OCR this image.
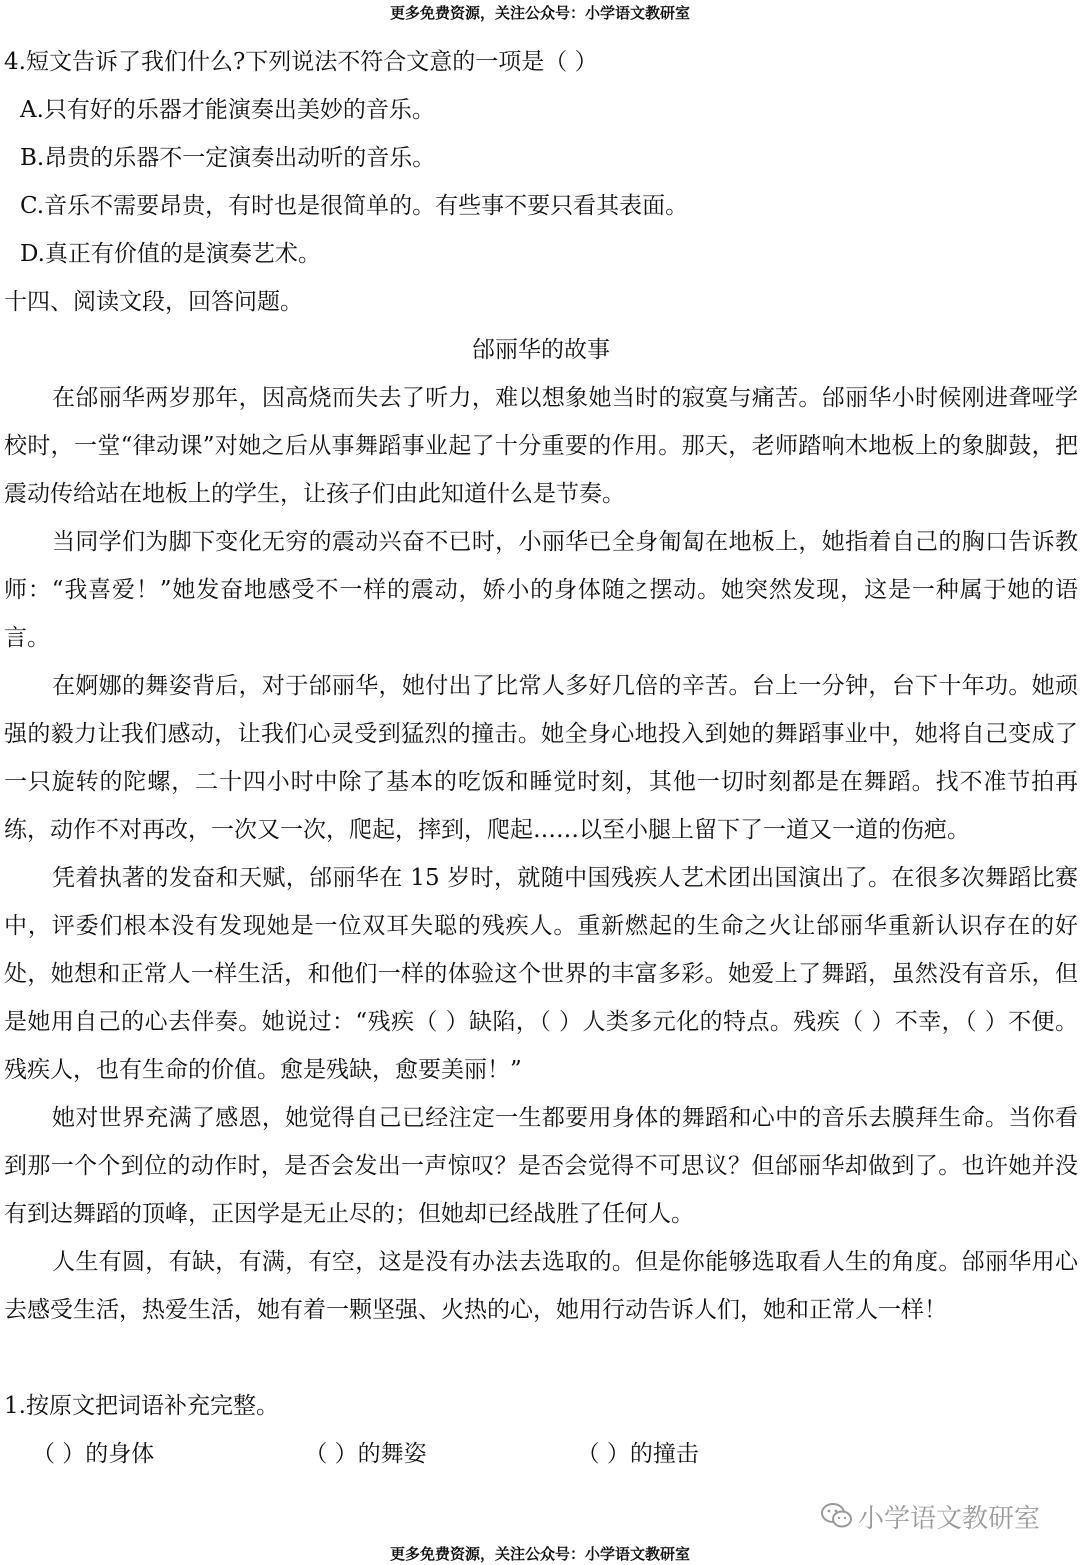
更多免费资源，关注公众号：小学语文教研室
4.短文告诉了我们什么?下列说法不符合文意的一项是（ ）
A.只有好的乐器才能演奏出美妙的音乐。
B.昂贵的乐器不一定演奏出动听的音乐。
C.音乐不需要昂贵，有时也是很简单的。有些事不要只看其表面。
D.真正有价值的是演奏艺术。
十四、阅读文段，回答问题。
邰丽华的故事
在邰丽华两岁那年，因高烧而失去了听力，难以想象她当时的寂寞与痛苦。邰丽华小时候刚进聋哑学校时，一堂“律动课”对她之后从事舞蹈事业起了十分重要的作用。那天，老师踏响木地板上的象脚鼓，把震动传给站在地板上的学生，让孩子们由此知道什么是节奏。
当同学们为脚下变化无穷的震动兴奋不已时，小丽华已全身匍匐在地板上，她指着自己的胸口告诉教师：“我喜爱！”她发奋地感受不一样的震动，娇小的身体随之摆动。她突然发现，这是一种属于她的语言。
在婀娜的舞姿背后，对于邰丽华，她付出了比常人多好几倍的辛苦。台上一分钟，台下十年功。她顽强的毅力让我们感动，让我们心灵受到猛烈的撞击。她全身心地投入到她的舞蹈事业中，她将自己变成了一只旋转的陀螺，二十四小时中除了基本的吃饭和睡觉时刻，其他一切时刻都是在舞蹈。找不准节拍再练，动作不对再改，一次又一次，爬起，摔到，爬起……以至小腿上留下了一道又一道的伤疤。
凭着执著的发奋和天赋，邰丽华在 15 岁时，就随中国残疾人艺术团出国演出了。在很多次舞蹈比赛中，评委们根本没有发现她是一位双耳失聪的残疾人。重新燃起的生命之火让邰丽华重新认识存在的好处，她想和正常人一样生活，和他们一样的体验这个世界的丰富多彩。她爱上了舞蹈，虽然没有音乐，但是她用自己的心去伴奏。她说过：“残疾（ ）缺陷，（ ）人类多元化的特点。残疾（ ）不幸，（ ）不便。残疾人，也有生命的价值。愈是残缺，愈要美丽！”
她对世界充满了感恩，她觉得自己已经注定一生都要用身体的舞蹈和心中的音乐去膜拜生命。当你看到那一个个到位的动作时，是否会发出一声惊叹？是否会觉得不可思议？但邰丽华却做到了。也许她并没有到达舞蹈的顶峰，正因学是无止尽的；但她却已经战胜了任何人。
人生有圆，有缺，有满，有空，这是没有办法去选取的。但是你能够选取看人生的角度。邰丽华用心去感受生活，热爱生活，她有着一颗坚强、火热的心，她用行动告诉人们，她和正常人一样！
1.按原文把词语补充完整。
（ ）的身体	（ ）的舞姿	（ ）的撞击
小学语文教研室
更多免费资源，关注公众号：小学语文教研室
